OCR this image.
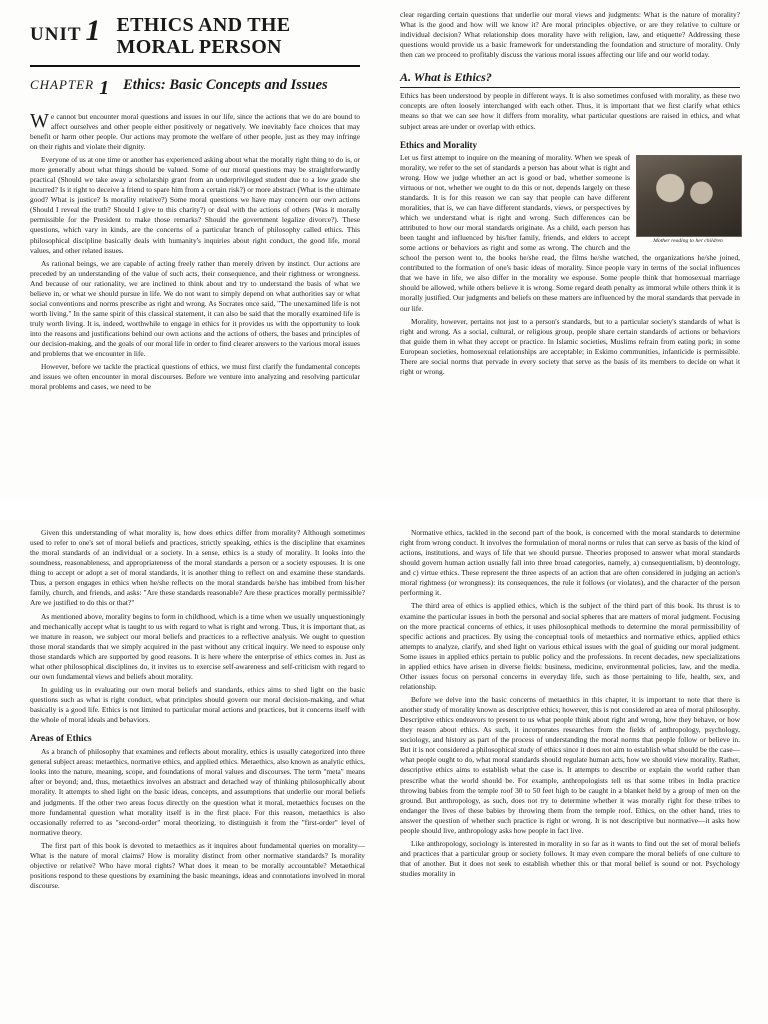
UNIT 1 ETHICS AND THE MORAL PERSON
CHAPTER 1 Ethics: Basic Concepts and Issues

We cannot but encounter moral questions and issues in our life, since the actions that we do are bound to affect ourselves and other people either positively or negatively. We inevitably face choices that may benefit or harm other people. Our actions may promote the welfare of other people, just as they may infringe on their rights and violate their dignity.

Everyone of us at one time or another has experienced asking about what the morally right thing to do is, or more generally about what things should be valued. Some of our moral questions may be straightforwardly practical (Should we take away a scholarship grant from an underprivileged student due to a low grade she incurred? Is it right to deceive a friend to spare him from a certain risk?) or more abstract (What is the ultimate good? What is justice? Is morality relative?) Some moral questions we have may concern our own actions (Should I reveal the truth? Should I give to this charity?) or deal with the actions of others (Was it morally permissible for the President to make those remarks? Should the government legalize divorce?). These questions, which vary in kinds, are the concerns of a particular branch of philosophy called ethics. This philosophical discipline basically deals with humanity's inquiries about right conduct, the good life, moral values, and other related issues.

As rational beings, we are capable of acting freely rather than merely driven by instinct. Our actions are preceded by an understanding of the value of such acts, their consequence, and their rightness or wrongness. And because of our rationality, we are inclined to think about and try to understand the basis of what we believe in, or what we should pursue in life. We do not want to simply depend on what authorities say or what social conventions and norms prescribe as right and wrong. As Socrates once said, "The unexamined life is not worth living." In the same spirit of this classical statement, it can also be said that the morally examined life is truly worth living. It is, indeed, worthwhile to engage in ethics for it provides us with the opportunity to look into the reasons and justifications behind our own actions and the actions of others, the bases and principles of our decision-making, and the goals of our moral life in order to find clearer answers to the various moral issues and problems that we encounter in life.

However, before we tackle the practical questions of ethics, we must first clarify the fundamental concepts and issues we often encounter in moral discourses. Before we venture into analyzing and resolving particular moral problems and cases, we need to be

clear regarding certain questions that underlie our moral views and judgments: What is the nature of morality? What is the good and how will we know it? Are moral principles objective, or are they relative to culture or individual decision? What relationship does morality have with religion, law, and etiquette? Addressing these questions would provide us a basic framework for understanding the foundation and structure of morality. Only then can we proceed to profitably discuss the various moral issues affecting our life and our world today.

A. What is Ethics?

Ethics has been understood by people in different ways. It is also sometimes confused with morality, as these two concepts are often loosely interchanged with each other. Thus, it is important that we first clarify what ethics means so that we can see how it differs from morality, what particular questions are raised in ethics, and what subject areas are under or overlap with ethics.

Ethics and Morality
Mother reading to her children

Let us first attempt to inquire on the meaning of morality. When we speak of morality, we refer to the set of standards a person has about what is right and wrong. How we judge whether an act is good or bad, whether someone is virtuous or not, whether we ought to do this or not, depends largely on these standards. It is for this reason we can say that people can have different moralities, that is, we can have different standards, views, or perspectives by which we understand what is right and wrong. Such differences can be attributed to how our moral standards originate. As a child, each person has been taught and influenced by his/her family, friends, and elders to accept some actions or behaviors as right and some as wrong. The church and the school the person went to, the books he/she read, the films he/she watched, the organizations he/she joined, contributed to the formation of one's basic ideas of morality. Since people vary in terms of the social influences that we have in life, we also differ in the morality we espouse. Some people think that homosexual marriage should be allowed, while others believe it is wrong. Some regard death penalty as immoral while others think it is morally justified. Our judgments and beliefs on these matters are influenced by the moral standards that pervade in our life.

Morality, however, pertains not just to a person's standards, but to a particular society's standards of what is right and wrong. As a social, cultural, or religious group, people share certain standards of actions or behaviors that guide them in what they accept or practice. In Islamic societies, Muslims refrain from eating pork; in some European societies, homosexual relationships are acceptable; in Eskimo communities, infanticide is permissible. There are social norms that pervade in every society that serve as the basis of its members to decide on what it right or wrong.

Given this understanding of what morality is, how does ethics differ from morality? Although sometimes used to refer to one's set of moral beliefs and practices, strictly speaking, ethics is the discipline that examines the moral standards of an individual or a society. In a sense, ethics is a study of morality. It looks into the soundness, reasonableness, and appropriateness of the moral standards a person or a society espouses. It is one thing to accept or adopt a set of moral standards, it is another thing to reflect on and examine these standards. Thus, a person engages in ethics when he/she reflects on the moral standards he/she has imbibed from his/her family, church, and friends, and asks: "Are these standards reasonable? Are these practices morally permissible? Are we justified to do this or that?"

As mentioned above, morality begins to form in childhood, which is a time when we usually unquestioningly and mechanically accept what is taught to us with regard to what is right and wrong. Thus, it is important that, as we mature in reason, we subject our moral beliefs and practices to a reflective analysis. We ought to question those moral standards that we simply acquired in the past without any critical inquiry. We need to espouse only those standards which are supported by good reasons. It is here where the enterprise of ethics comes in. Just as what other philosophical disciplines do, it invites us to exercise self-awareness and self-criticism with regard to our own fundamental views and beliefs about morality.

In guiding us in evaluating our own moral beliefs and standards, ethics aims to shed light on the basic questions such as what is right conduct, what principles should govern our moral decision-making, and what basically is a good life. Ethics is not limited to particular moral actions and practices, but it concerns itself with the whole of moral ideals and behaviors.

Areas of Ethics

As a branch of philosophy that examines and reflects about morality, ethics is usually categorized into three general subject areas: metaethics, normative ethics, and applied ethics. Metaethics, also known as analytic ethics, looks into the nature, meaning, scope, and foundations of moral values and discourses. The term "meta" means after or beyond; and, thus, metaethics involves an abstract and detached way of thinking philosophically about morality. It attempts to shed light on the basic ideas, concepts, and assumptions that underlie our moral beliefs and judgments. If the other two areas focus directly on the question what it moral, metaethics focuses on the more fundamental question what morality itself is in the first place. For this reason, metaethics is also occasionally referred to as "second-order" moral theorizing, to distinguish it from the "first-order" level of normative theory.

The first part of this book is devoted to metaethics as it inquires about fundamental queries on morality—What is the nature of moral claims? How is morality distinct from other normative standards? Is morality objective or relative? Who have moral rights? What does it mean to be morally accountable? Metaethical positions respond to these questions by examining the basic meanings, ideas and connotations involved in moral discourse.

Normative ethics, tackled in the second part of the book, is concerned with the moral standards to determine right from wrong conduct. It involves the formulation of moral norms or rules that can serve as basis of the kind of actions, institutions, and ways of life that we should pursue. Theories proposed to answer what moral standards should govern human action usually fall into three broad categories, namely, a) consequentialism, b) deontology, and c) virtue ethics. These represent the three aspects of an action that are often considered in judging an action's moral rightness (or wrongness): its consequences, the rule it follows (or violates), and the character of the person performing it.

The third area of ethics is applied ethics, which is the subject of the third part of this book. Its thrust is to examine the particular issues in both the personal and social spheres that are matters of moral judgment. Focusing on the more practical concerns of ethics, it uses philosophical methods to determine the moral permissibility of specific actions and practices. By using the conceptual tools of metaethics and normative ethics, applied ethics attempts to analyze, clarify, and shed light on various ethical issues with the goal of guiding our moral judgment. Some issues in applied ethics pertain to public policy and the professions. In recent decades, new specializations in applied ethics have arisen in diverse fields: business, medicine, environmental policies, law, and the media. Other issues focus on personal concerns in everyday life, such as those pertaining to life, health, sex, and relationship.

Before we delve into the basic concerns of metaethics in this chapter, it is important to note that there is another study of morality known as descriptive ethics; however, this is not considered an area of moral philosophy. Descriptive ethics endeavors to present to us what people think about right and wrong, how they behave, or how they reason about ethics. As such, it incorporates researches from the fields of anthropology, psychology, sociology, and history as part of the process of understanding the moral norms that people follow or believe in. But it is not considered a philosophical study of ethics since it does not aim to establish what should be the case—what people ought to do, what moral standards should regulate human acts, how we should view morality. Rather, descriptive ethics aims to establish what the case is. It attempts to describe or explain the world rather than prescribe what the world should be. For example, anthropologists tell us that some tribes in India practice throwing babies from the temple roof 30 to 50 feet high to be caught in a blanket held by a group of men on the ground. But anthropology, as such, does not try to determine whether it was morally right for these tribes to endanger the lives of these babies by throwing them from the temple roof. Ethics, on the other hand, tries to answer the question of whether such practice is right or wrong. It is not descriptive but normative—it asks how people should live, anthropology asks how people in fact live.

Like anthropology, sociology is interested in morality in so far as it wants to find out the set of moral beliefs and practices that a particular group or society follows. It may even compare the moral beliefs of one culture to that of another. But it does not seek to establish whether this or that moral belief is sound or not. Psychology studies morality in
